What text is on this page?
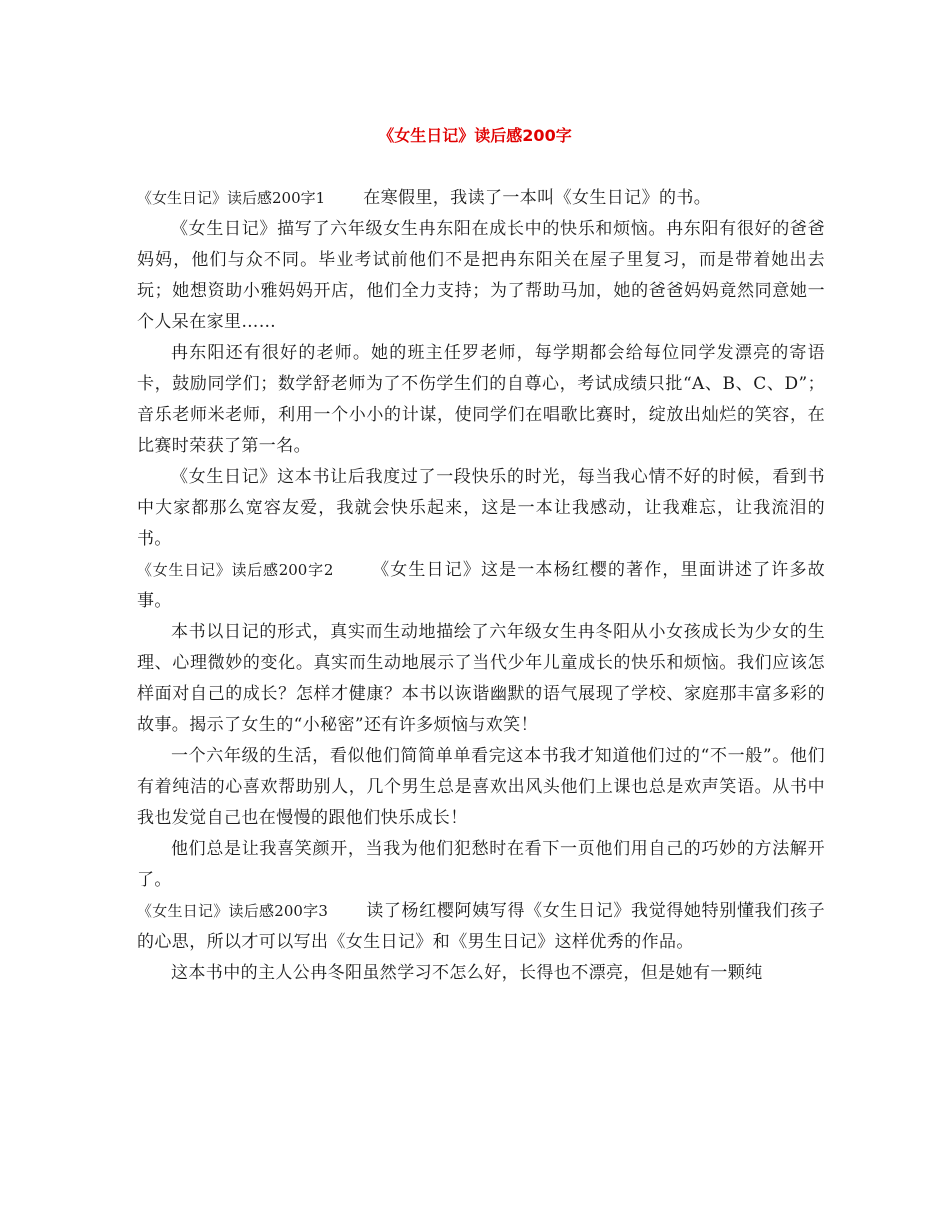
《女生日记》读后感200字

《女生日记》读后感200字1 在寒假里，我读了一本叫《女生日记》的书。

《女生日记》描写了六年级女生冉东阳在成长中的快乐和烦恼。冉东阳有很好的爸爸妈妈，他们与众不同。毕业考试前他们不是把冉东阳关在屋子里复习，而是带着她出去玩；她想资助小雅妈妈开店，他们全力支持；为了帮助马加，她的爸爸妈妈竟然同意她一个人呆在家里……

冉东阳还有很好的老师。她的班主任罗老师，每学期都会给每位同学发漂亮的寄语卡，鼓励同学们；数学舒老师为了不伤学生们的自尊心，考试成绩只批“A、B、C、D”；音乐老师米老师，利用一个小小的计谋，使同学们在唱歌比赛时，绽放出灿烂的笑容，在比赛时荣获了第一名。

《女生日记》这本书让后我度过了一段快乐的时光，每当我心情不好的时候，看到书中大家都那么宽容友爱，我就会快乐起来，这是一本让我感动，让我难忘，让我流泪的书。

《女生日记》读后感200字2 《女生日记》这是一本杨红樱的著作，里面讲述了许多故事。

本书以日记的形式，真实而生动地描绘了六年级女生冉冬阳从小女孩成长为少女的生理、心理微妙的变化。真实而生动地展示了当代少年儿童成长的快乐和烦恼。我们应该怎样面对自己的成长？怎样才健康？本书以诙谐幽默的语气展现了学校、家庭那丰富多彩的故事。揭示了女生的“小秘密”还有许多烦恼与欢笑！

一个六年级的生活，看似他们简简单单看完这本书我才知道他们过的“不一般”。他们有着纯洁的心喜欢帮助别人，几个男生总是喜欢出风头他们上课也总是欢声笑语。从书中我也发觉自己也在慢慢的跟他们快乐成长！

他们总是让我喜笑颜开，当我为他们犯愁时在看下一页他们用自己的巧妙的方法解开了。

《女生日记》读后感200字3 读了杨红樱阿姨写得《女生日记》我觉得她特别懂我们孩子的心思，所以才可以写出《女生日记》和《男生日记》这样优秀的作品。

这本书中的主人公冉冬阳虽然学习不怎么好，长得也不漂亮，但是她有一颗纯
